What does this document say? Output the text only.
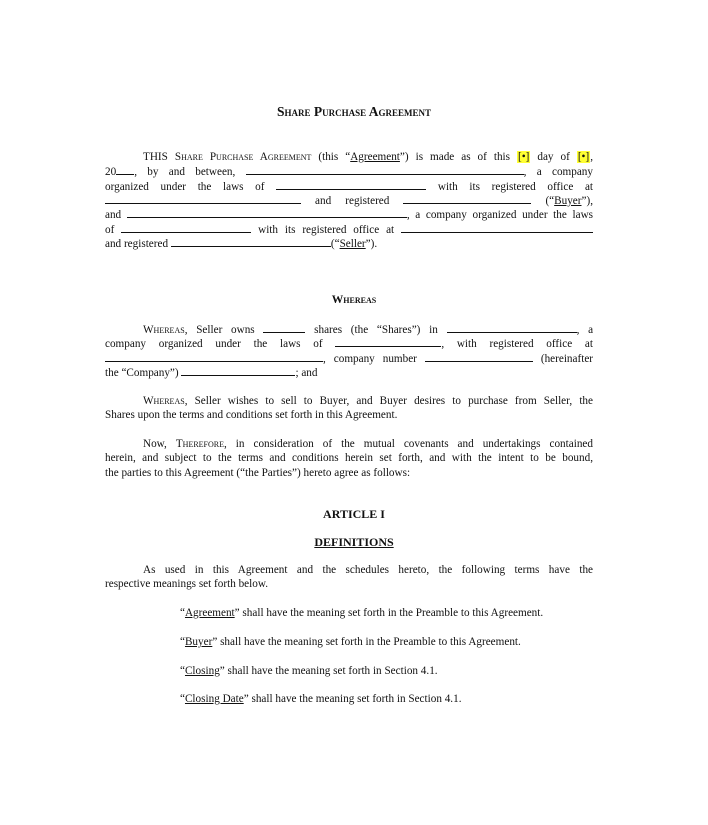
Share Purchase Agreement
THIS Share Purchase Agreement (this “Agreement”) is made as of this [•] day of [•],
20 , by and between,	, a company
organized under the laws of	with its registered office at
and registered	(“Buyer”),
and	, a company organized under the laws
of	with its registered office at
and registered	(“Seller”).
Whereas
Whereas, Seller owns	shares (the “Shares”) in	, a
company organized under the laws of	, with registered office at
, company number	(hereinafter
the “Company”)	; and
Whereas, Seller wishes to sell to Buyer, and Buyer desires to purchase from Seller, the
Shares upon the terms and conditions set forth in this Agreement.
Now, Therefore, in consideration of the mutual covenants and undertakings contained
herein, and subject to the terms and conditions herein set forth, and with the intent to be bound,
the parties to this Agreement (“the Parties”) hereto agree as follows:
ARTICLE I
DEFINITIONS
As used in this Agreement and the schedules hereto, the following terms have the
respective meanings set forth below.
“Agreement” shall have the meaning set forth in the Preamble to this Agreement.
“Buyer” shall have the meaning set forth in the Preamble to this Agreement.
“Closing” shall have the meaning set forth in Section 4.1.
“Closing Date” shall have the meaning set forth in Section 4.1.
